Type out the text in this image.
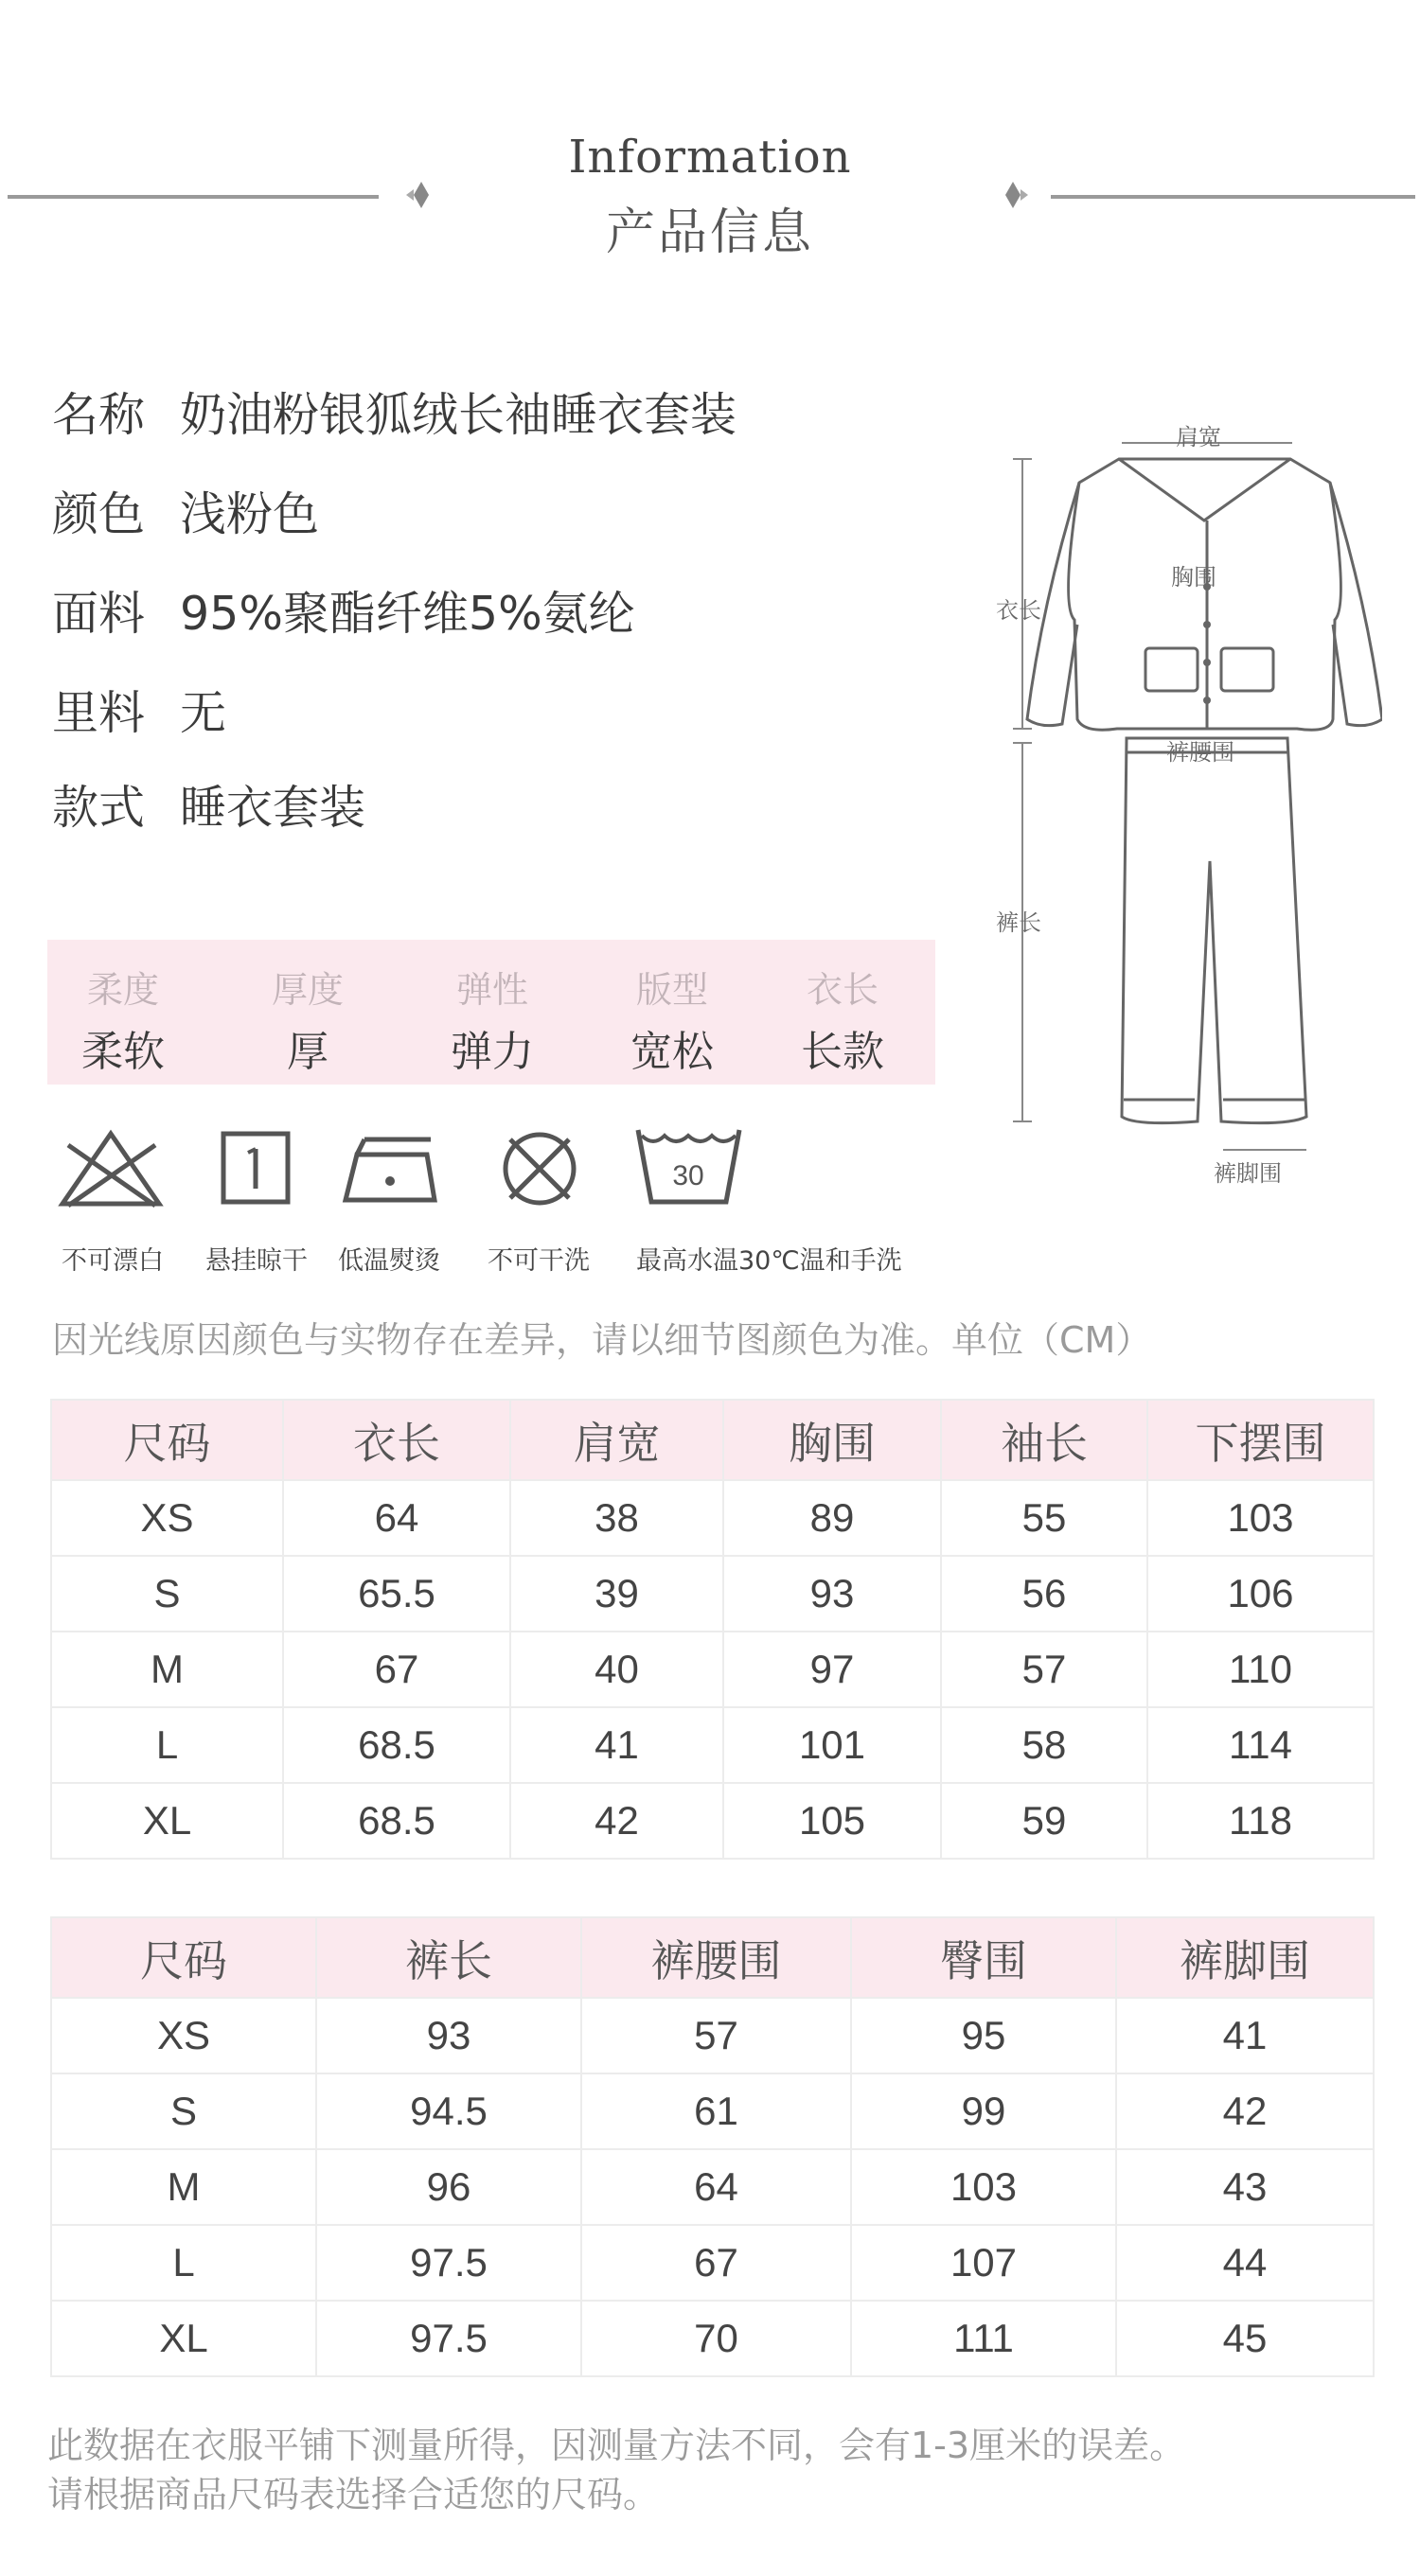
Information
产品信息
名称 奶油粉银狐绒长袖睡衣套装
颜色 浅粉色
面料 95%聚酯纤维5%氨纶
里料 无
款式 睡衣套装
柔度
柔软
厚度
厚
弹性
弹力
版型
宽松
衣长
长款
不可漂白 悬挂晾干 低温熨烫 不可干洗
30
最高水温30℃温和手洗
肩宽
胸围
衣长
裤腰围
裤长
裤脚围
因光线原因颜色与实物存在差异，请以细节图颜色为准。单位（CM）
尺码	衣长	肩宽	胸围	袖长	下摆围
XS	64	38	89	55	103
S	65.5	39	93	56	106
M	67	40	97	57	110
L	68.5	41	101	58	114
XL	68.5	42	105	59	118
尺码	裤长	裤腰围	臀围	裤脚围
XS	93	57	95	41
S	94.5	61	99	42
M	96	64	103	43
L	97.5	67	107	44
XL	97.5	70	111	45
此数据在衣服平铺下测量所得，因测量方法不同，会有1-3厘米的误差。
请根据商品尺码表选择合适您的尺码。
